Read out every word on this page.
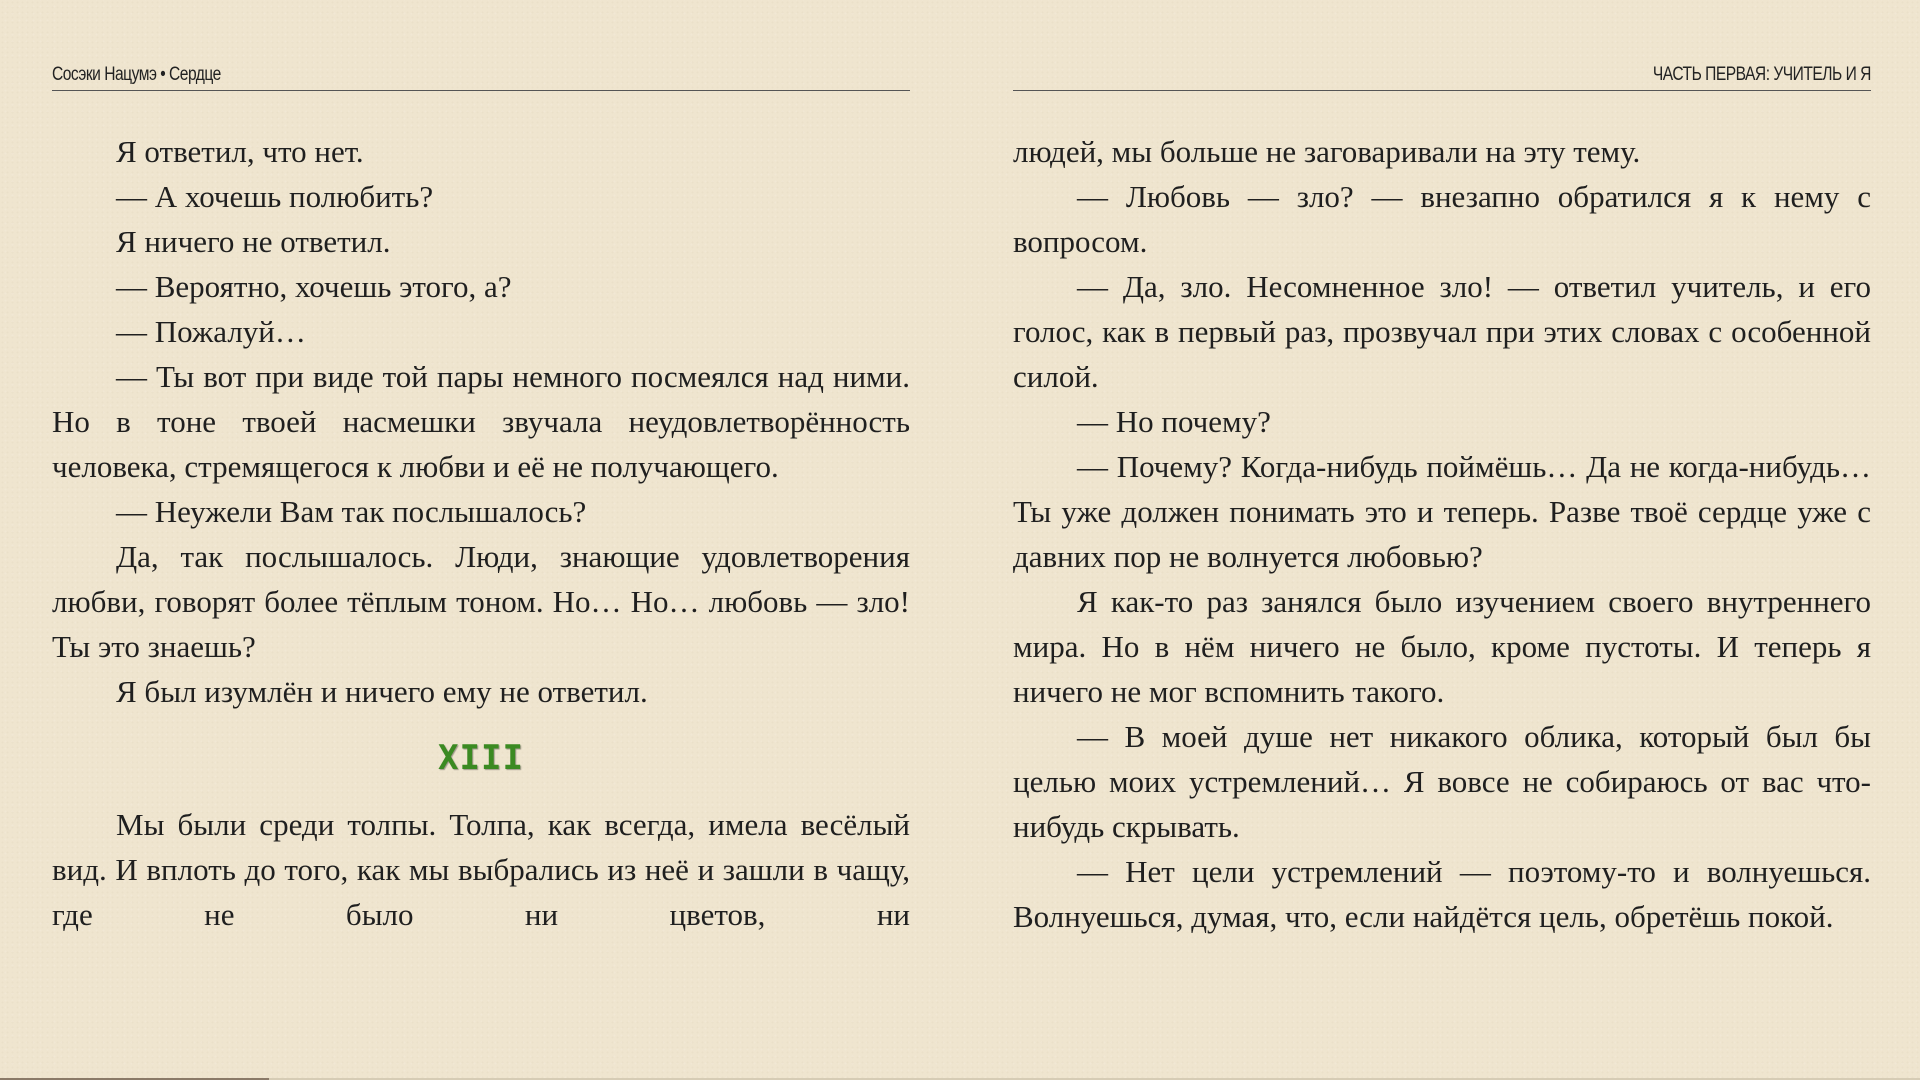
Сосэки Нацумэ • Сердце

Я ответил, что нет.

— А хочешь полюбить?

Я ничего не ответил.

— Вероятно, хочешь этого, а?

— Пожалуй…

— Ты вот при виде той пары немного посмеялся над ними. Но в тоне твоей насмешки звучала неудовлетворённость человека, стремящегося к любви и её не получающего.

— Неужели Вам так послышалось?

Да, так послышалось. Люди, знающие удовлетворения любви, говорят более тёплым тоном. Но… Но… любовь — зло! Ты это знаешь?

Я был изумлён и ничего ему не ответил.

XIII

Мы были среди толпы. Толпа, как всегда, имела весёлый вид. И вплоть до того, как мы выбрались из неё и зашли в чащу, где не было ни цветов, ни

ЧАСТЬ ПЕРВАЯ: УЧИТЕЛЬ И Я

людей, мы больше не заговаривали на эту тему.

— Любовь — зло? — внезапно обратился я к нему с вопросом.

— Да, зло. Несомненное зло! — ответил учитель, и его голос, как в первый раз, прозвучал при этих словах с особенной силой.

— Но почему?

— Почему? Когда-нибудь поймёшь… Да не когда-нибудь… Ты уже должен понимать это и теперь. Разве твоё сердце уже с давних пор не волнуется любовью?

Я как-то раз занялся было изучением своего внутреннего мира. Но в нём ничего не было, кроме пустоты. И теперь я ничего не мог вспомнить такого.

— В моей душе нет никакого облика, который был бы целью моих устремлений… Я вовсе не собираюсь от вас что-нибудь скрывать.

— Нет цели устремлений — поэтому-то и волнуешься. Волнуешься, думая, что, если найдётся цель, обретёшь покой.
